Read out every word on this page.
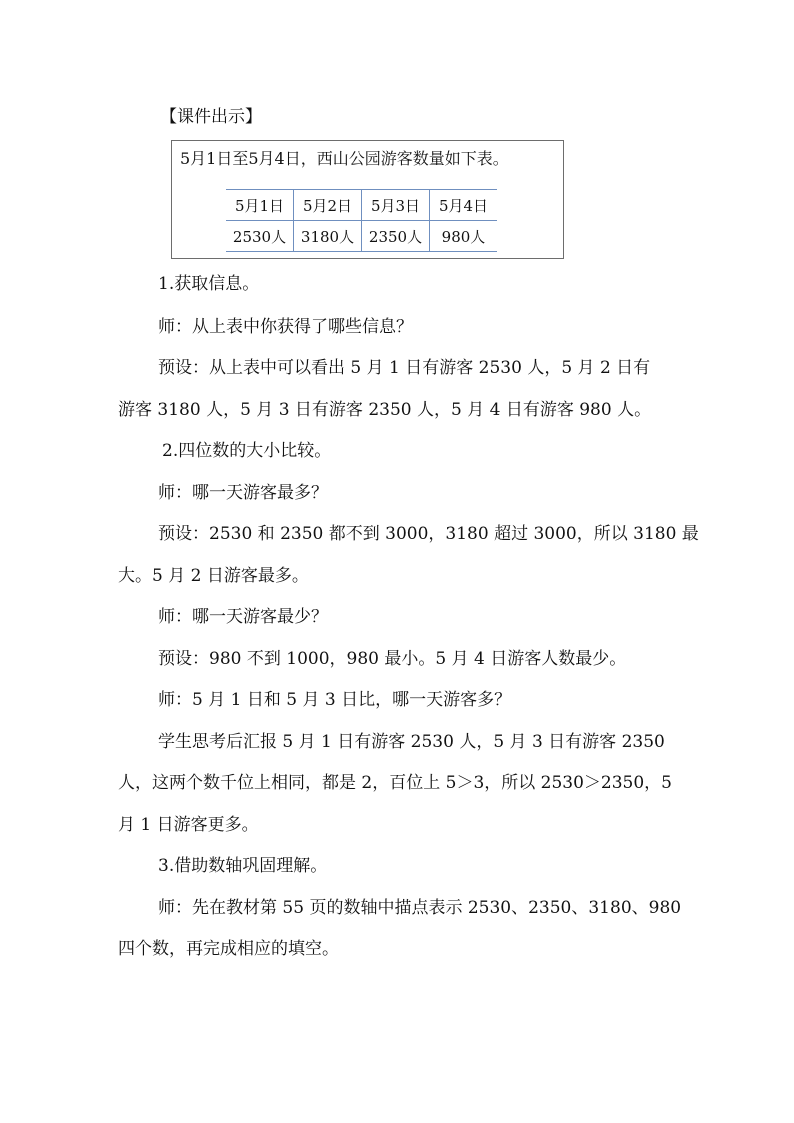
【课件出示】
5月1日至5月4日，西山公园游客数量如下表。
5月1日	5月2日	5月3日	5月4日
2530人	3180人	2350人	980人
1.获取信息。
师：从上表中你获得了哪些信息？
预设：从上表中可以看出 5 月 1 日有游客 2530 人，5 月 2 日有
游客 3180 人，5 月 3 日有游客 2350 人，5 月 4 日有游客 980 人。
2.四位数的大小比较。
师：哪一天游客最多？
预设：2530 和 2350 都不到 3000，3180 超过 3000，所以 3180 最
大。5 月 2 日游客最多。
师：哪一天游客最少？
预设：980 不到 1000，980 最小。5 月 4 日游客人数最少。
师：5 月 1 日和 5 月 3 日比，哪一天游客多？
学生思考后汇报 5 月 1 日有游客 2530 人，5 月 3 日有游客 2350
人，这两个数千位上相同，都是 2，百位上 5＞3，所以 2530＞2350，5
月 1 日游客更多。
3.借助数轴巩固理解。
师：先在教材第 55 页的数轴中描点表示 2530、2350、3180、980
四个数，再完成相应的填空。
